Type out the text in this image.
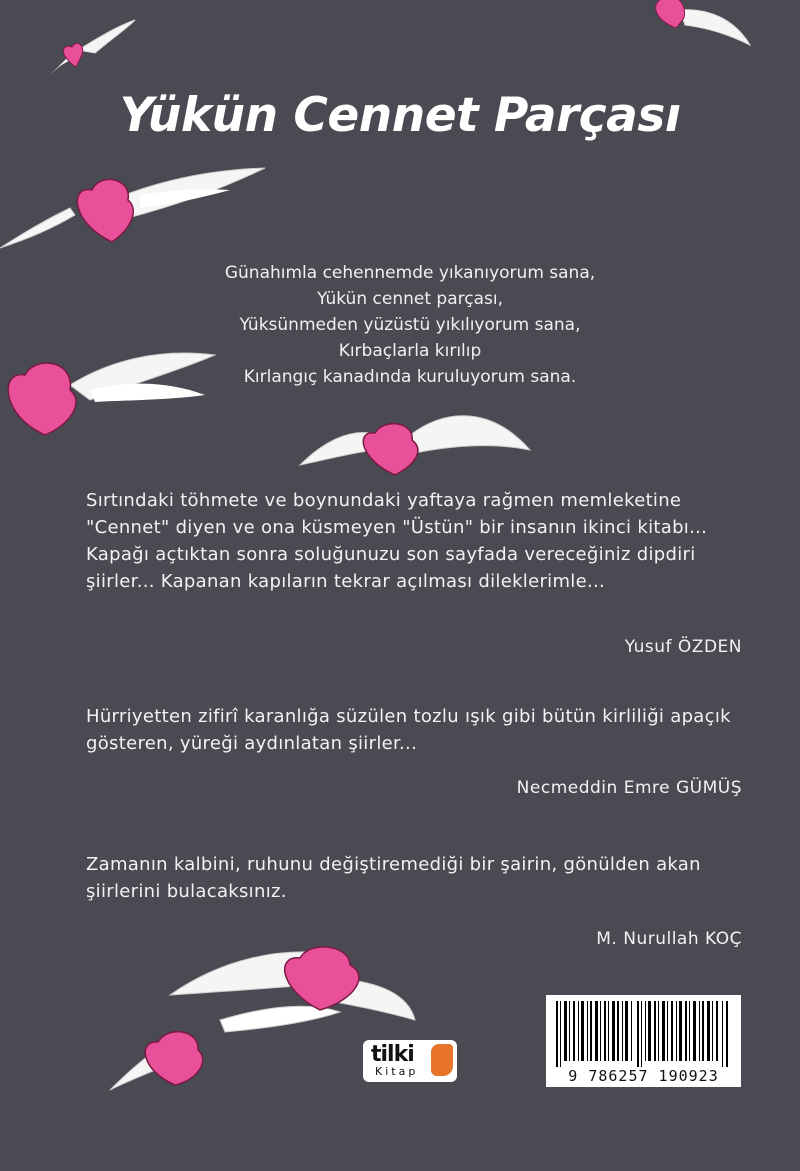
Yükün Cennet Parçası
Günahımla cehennemde yıkanıyorum sana,
Yükün cennet parçası,
Yüksünmeden yüzüstü yıkılıyorum sana,
Kırbaçlarla kırılıp
Kırlangıç kanadında kuruluyorum sana.
Sırtındaki töhmete ve boynundaki yaftaya rağmen memleketine "Cennet" diyen ve ona küsmeyen "Üstün" bir insanın ikinci kitabı... Kapağı açtıktan sonra soluğunuzu son sayfada vereceğiniz dipdiri şiirler... Kapanan kapıların tekrar açılması dileklerimle...
Yusuf ÖZDEN
Hürriyetten zifirî karanlığa süzülen tozlu ışık gibi bütün kirliliği apaçık gösteren, yüreği aydınlatan şiirler...
Necmeddin Emre GÜMÜŞ
Zamanın kalbini, ruhunu değiştiremediği bir şairin, gönülden akan şiirlerini bulacaksınız.
M. Nurullah KOÇ
tilki
Kitap	9 786257 190923
